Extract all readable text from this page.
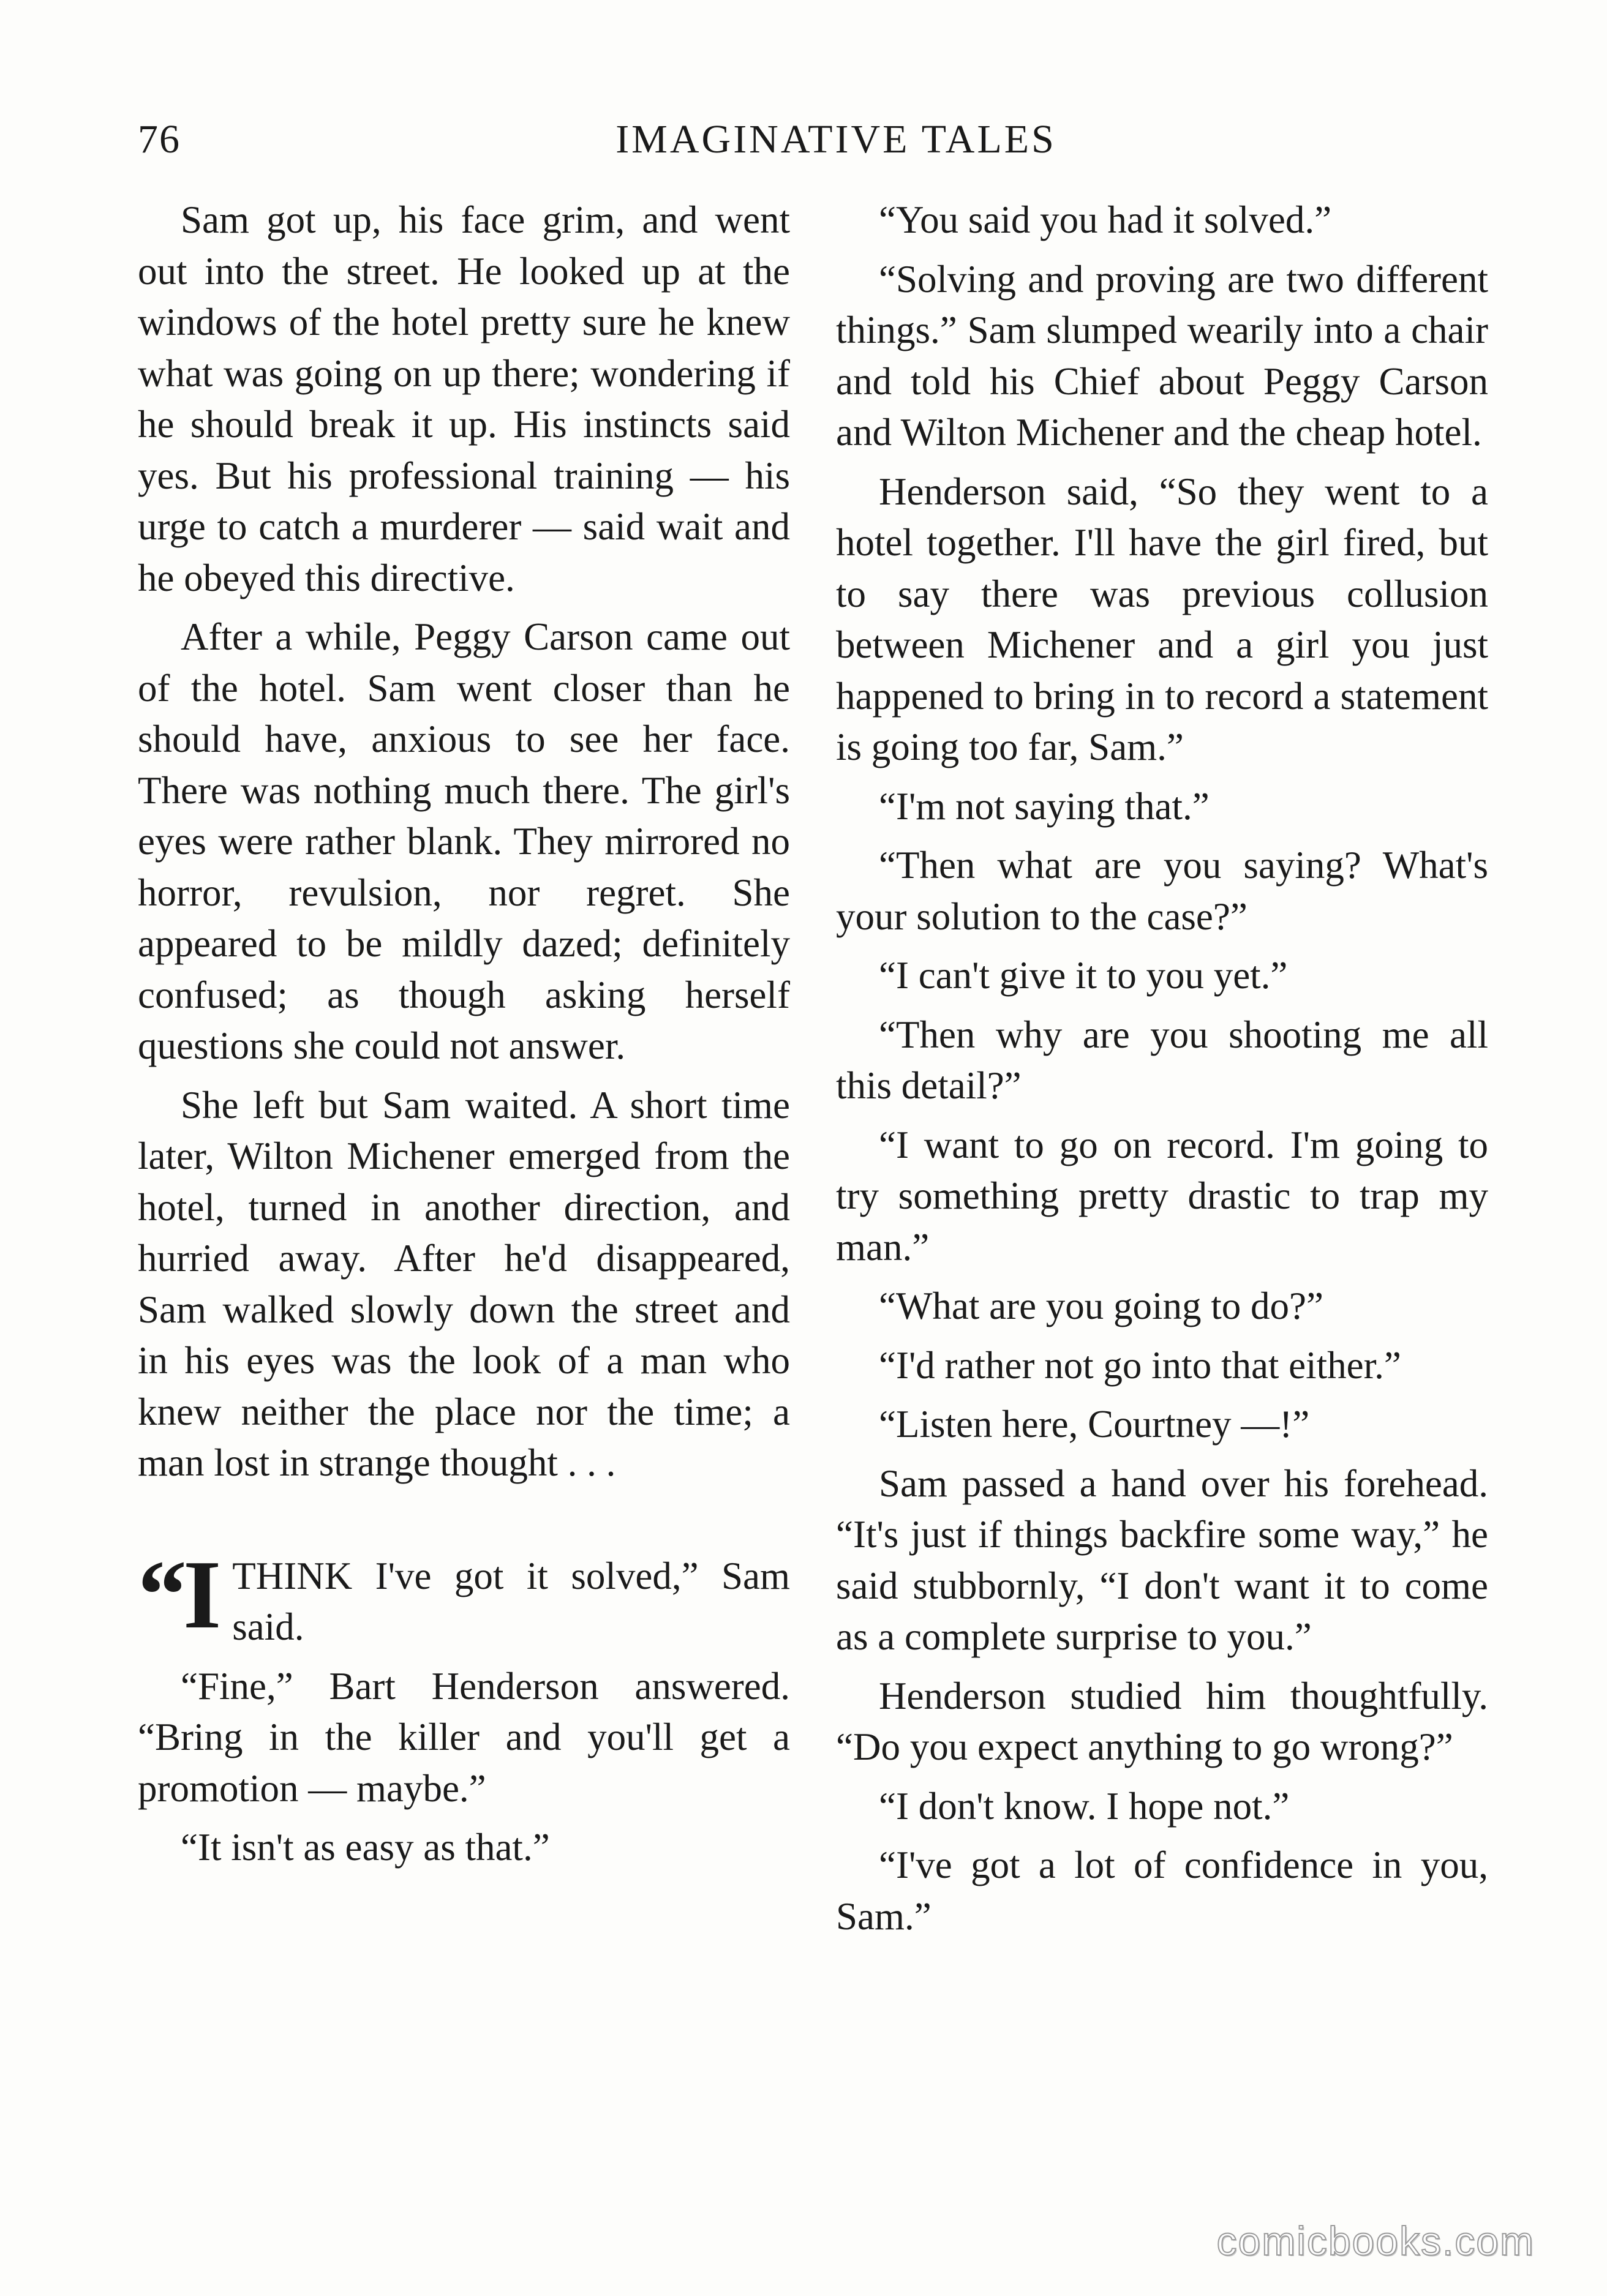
76	IMAGINATIVE TALES

Sam got up, his face grim, and went out into the street. He looked up at the windows of the hotel pretty sure he knew what was going on up there; wondering if he should break it up. His instincts said yes. But his professional training — his urge to catch a murderer — said wait and he obeyed this directive.

After a while, Peggy Carson came out of the hotel. Sam went closer than he should have, anxious to see her face. There was nothing much there. The girl's eyes were rather blank. They mirrored no horror, revulsion, nor regret. She appeared to be mildly dazed; definitely confused; as though asking herself questions she could not answer.

She left but Sam waited. A short time later, Wilton Michener emerged from the hotel, turned in another direction, and hurried away. After he'd disappeared, Sam walked slowly down the street and in his eyes was the look of a man who knew neither the place nor the time; a man lost in strange thought . . .

“I THINK I've got it solved,” Sam said.

“Fine,” Bart Henderson answered. “Bring in the killer and you'll get a promotion — maybe.”

“It isn't as easy as that.”

“You said you had it solved.”

“Solving and proving are two different things.” Sam slumped wearily into a chair and told his Chief about Peggy Carson and Wilton Michener and the cheap hotel.

Henderson said, “So they went to a hotel together. I'll have the girl fired, but to say there was previous collusion between Michener and a girl you just happened to bring in to record a statement is going too far, Sam.”

“I'm not saying that.”

“Then what are you saying? What's your solution to the case?”

“I can't give it to you yet.”

“Then why are you shooting me all this detail?”

“I want to go on record. I'm going to try something pretty drastic to trap my man.”

“What are you going to do?”

“I'd rather not go into that either.”

“Listen here, Courtney —!”

Sam passed a hand over his forehead. “It's just if things backfire some way,” he said stubbornly, “I don't want it to come as a complete surprise to you.”

Henderson studied him thoughtfully. “Do you expect anything to go wrong?”

“I don't know. I hope not.”

“I've got a lot of confidence in you, Sam.”

comicbooks.com
